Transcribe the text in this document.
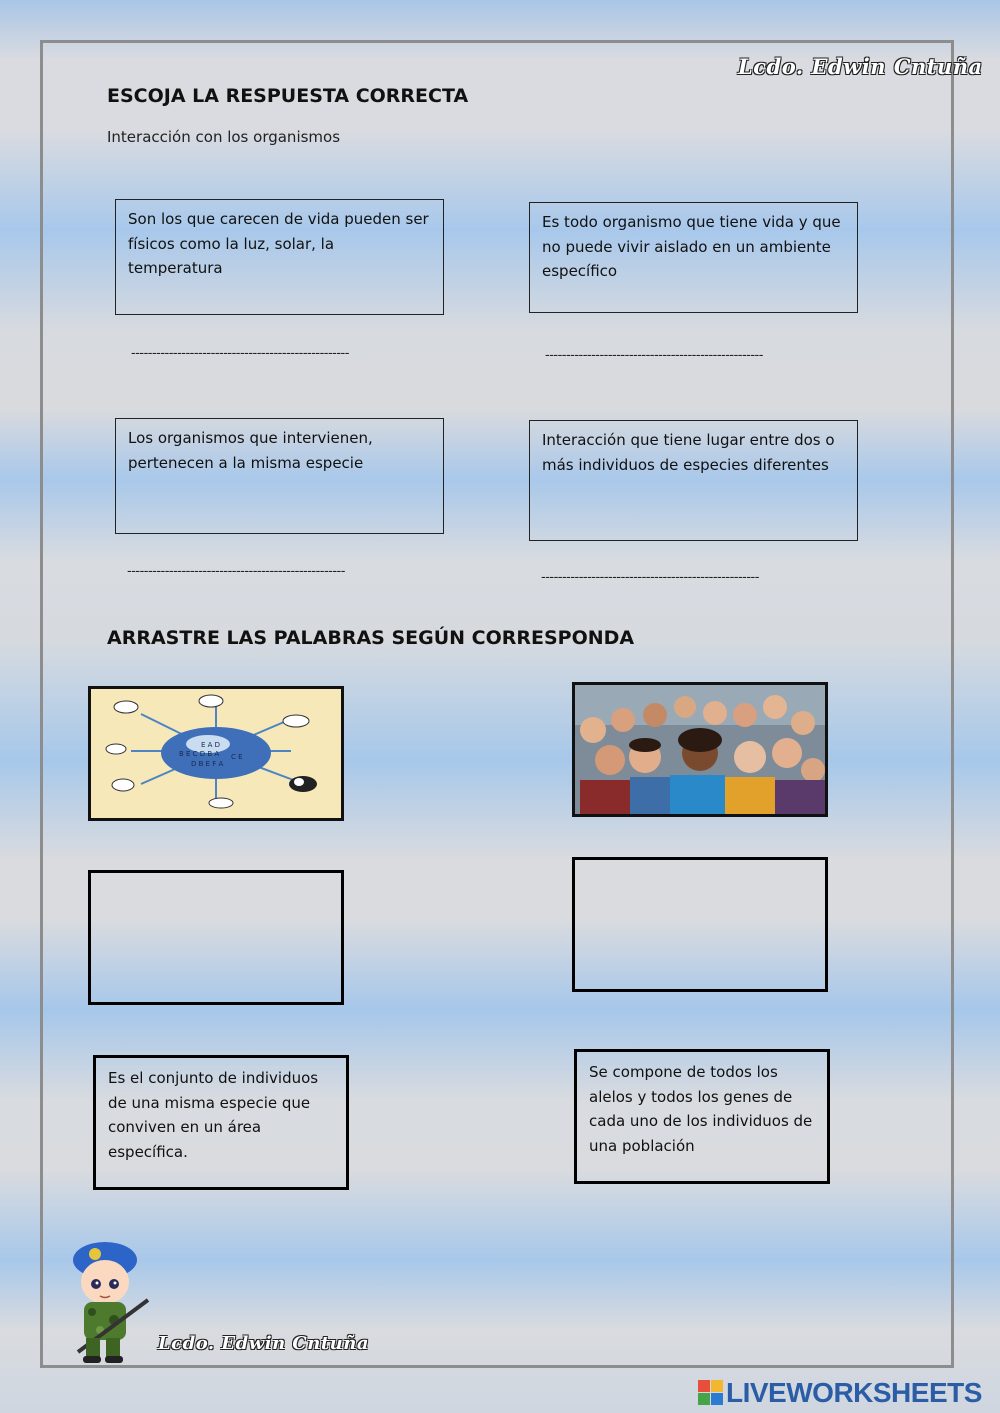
Lcdo. Edwin Cntuña
ESCOJA LA RESPUESTA CORRECTA
Interacción con los organismos
Son los que carecen de vida pueden ser físicos como la luz, solar, la temperatura
Es todo organismo que tiene vida y que no puede vivir aislado en un ambiente específico
Los organismos que intervienen, pertenecen a la misma especie
Interacción que tiene lugar entre dos o más individuos de especies diferentes
----------------------------------------------------	----------------------------------------------------
----------------------------------------------------	----------------------------------------------------
ARRASTRE LAS PALABRAS SEGÚN CORRESPONDA
E A D
B E C D B A
D B E F A
C E
Es el conjunto de individuos de una misma especie que conviven en un área específica.
Se compone de todos los alelos y todos los genes de cada uno de los individuos de una población
Lcdo. Edwin Cntuña
LIVEWORKSHEETS
